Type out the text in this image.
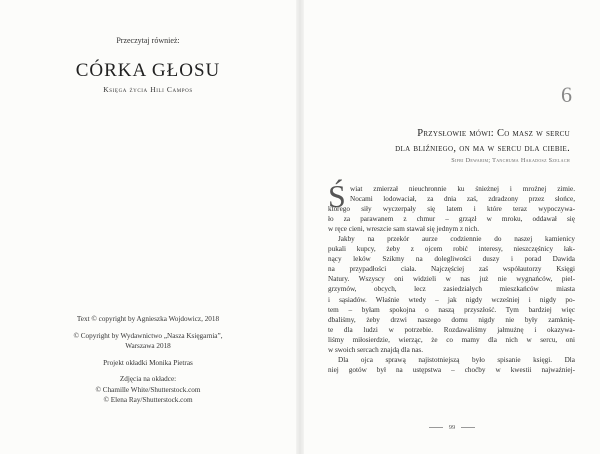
Przeczytaj również:
CÓRKA GŁOSU
Księga życia Hili Campos
Text © copyright by Agnieszka Wojdowicz, 2018
© Copyright by Wydawnictwo „Nasza Księgarnia”,
Warszawa 2018
Projekt okładki Monika Pietras
Zdjęcia na okładce:
© Chamille White/Shutterstock.com
© Elena Ray/Shutterstock.com
6
Przysłowie mówi: Co masz w sercu
dla bliźniego, on ma w sercu dla ciebie.
Sifri Dewarim; Tanchuma Hakadosz Szelach
Ś wiat zmierzał nieuchronnie ku śnieżnej i mroźnej zimie.
Nocami lodowaciał, za dnia zaś, zdradzony przez słońce,
którego siły wyczerpały się latem i które teraz wypoczywa-
ło za parawanem z chmur – grzązł w mroku, oddawał się
w ręce cieni, wreszcie sam stawał się jednym z nich.
Jakby na przekór aurze codziennie do naszej kamienicy
pukali kupcy, żeby z ojcem robić interesy, nieszczęśnicy łak-
nący leków Szikmy na dolegliwości duszy i porad Dawida
na przypadłości ciała. Najczęściej zaś współautorzy Księgi
Natury. Wszyscy oni widzieli w nas już nie wygnańców, piel-
grzymów, obcych, lecz zasiedziałych mieszkańców miasta
i sąsiadów. Właśnie wtedy – jak nigdy wcześniej i nigdy po-
tem – byłam spokojna o naszą przyszłość. Tym bardziej więc
dbaliśmy, żeby drzwi naszego domu nigdy nie były zamknię-
te dla ludzi w potrzebie. Rozdawaliśmy jałmużnę i okazywa-
liśmy miłosierdzie, wierząc, że co mamy dla nich w sercu, oni
w swoich sercach znajdą dla nas.
Dla ojca sprawą najistotniejszą było spisanie księgi. Dla
niej gotów był na ustępstwa – choćby w kwestii najważniej-
99
